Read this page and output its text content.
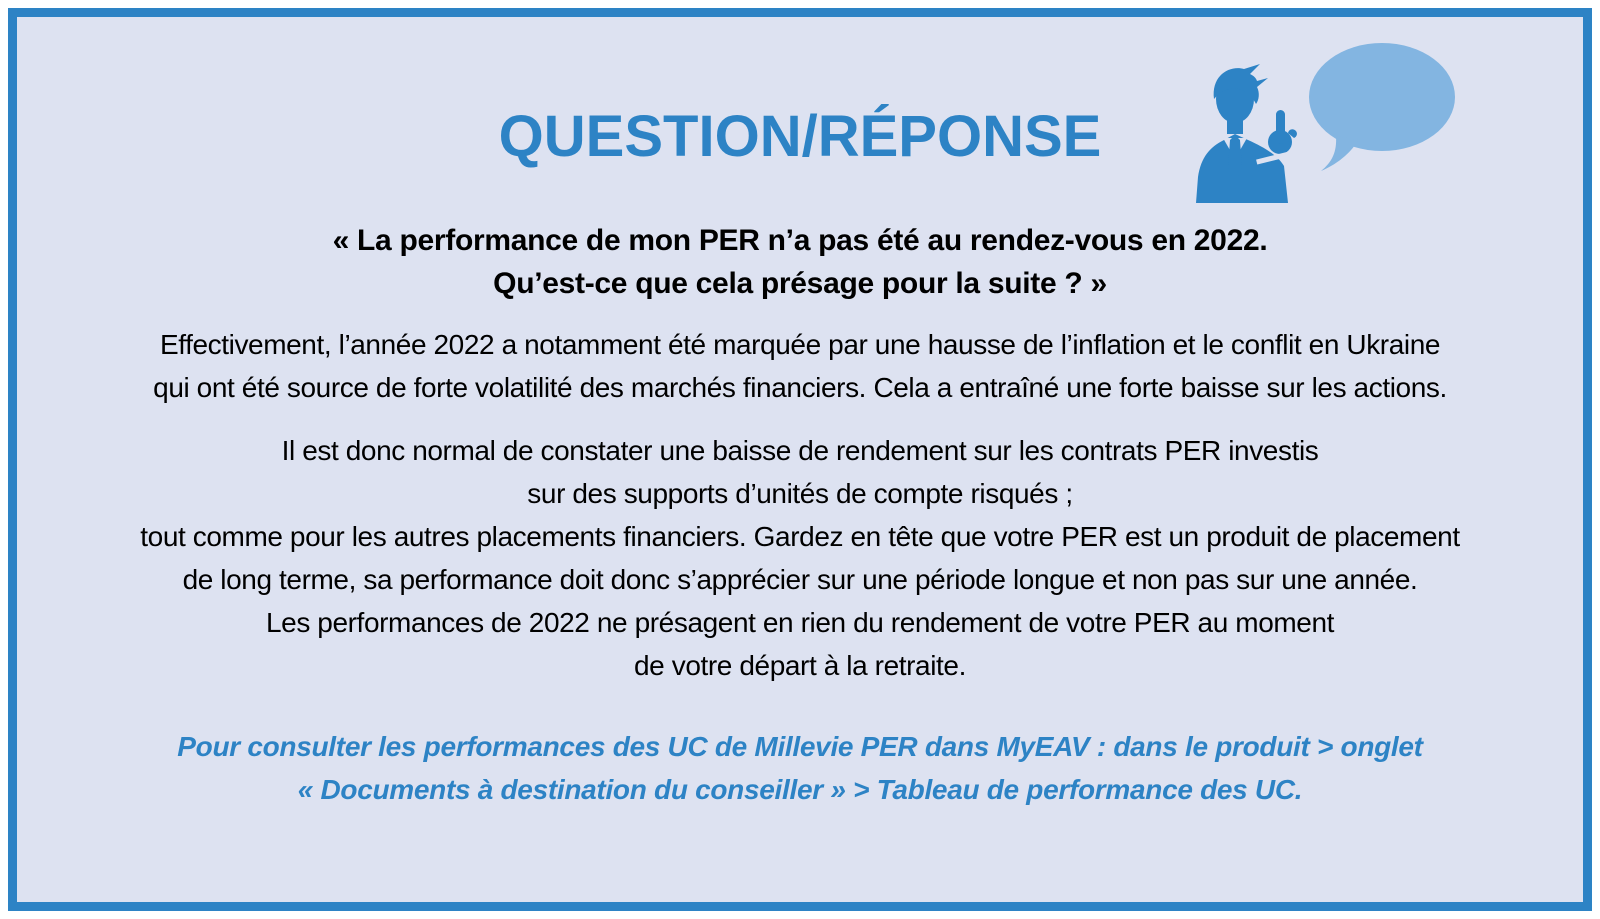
QUESTION/RÉPONSE
« La performance de mon PER n’a pas été au rendez-vous en 2022.
Qu’est-ce que cela présage pour la suite ? »
Effectivement, l’année 2022 a notamment été marquée par une hausse de l’inflation et le conflit en Ukraine
qui ont été source de forte volatilité des marchés financiers. Cela a entraîné une forte baisse sur les actions.
Il est donc normal de constater une baisse de rendement sur les contrats PER investis
sur des supports d’unités de compte risqués ;
tout comme pour les autres placements financiers. Gardez en tête que votre PER est un produit de placement
de long terme, sa performance doit donc s’apprécier sur une période longue et non pas sur une année.
Les performances de 2022 ne présagent en rien du rendement de votre PER au moment
de votre départ à la retraite.
Pour consulter les performances des UC de Millevie PER dans MyEAV : dans le produit > onglet
« Documents à destination du conseiller » > Tableau de performance des UC.
